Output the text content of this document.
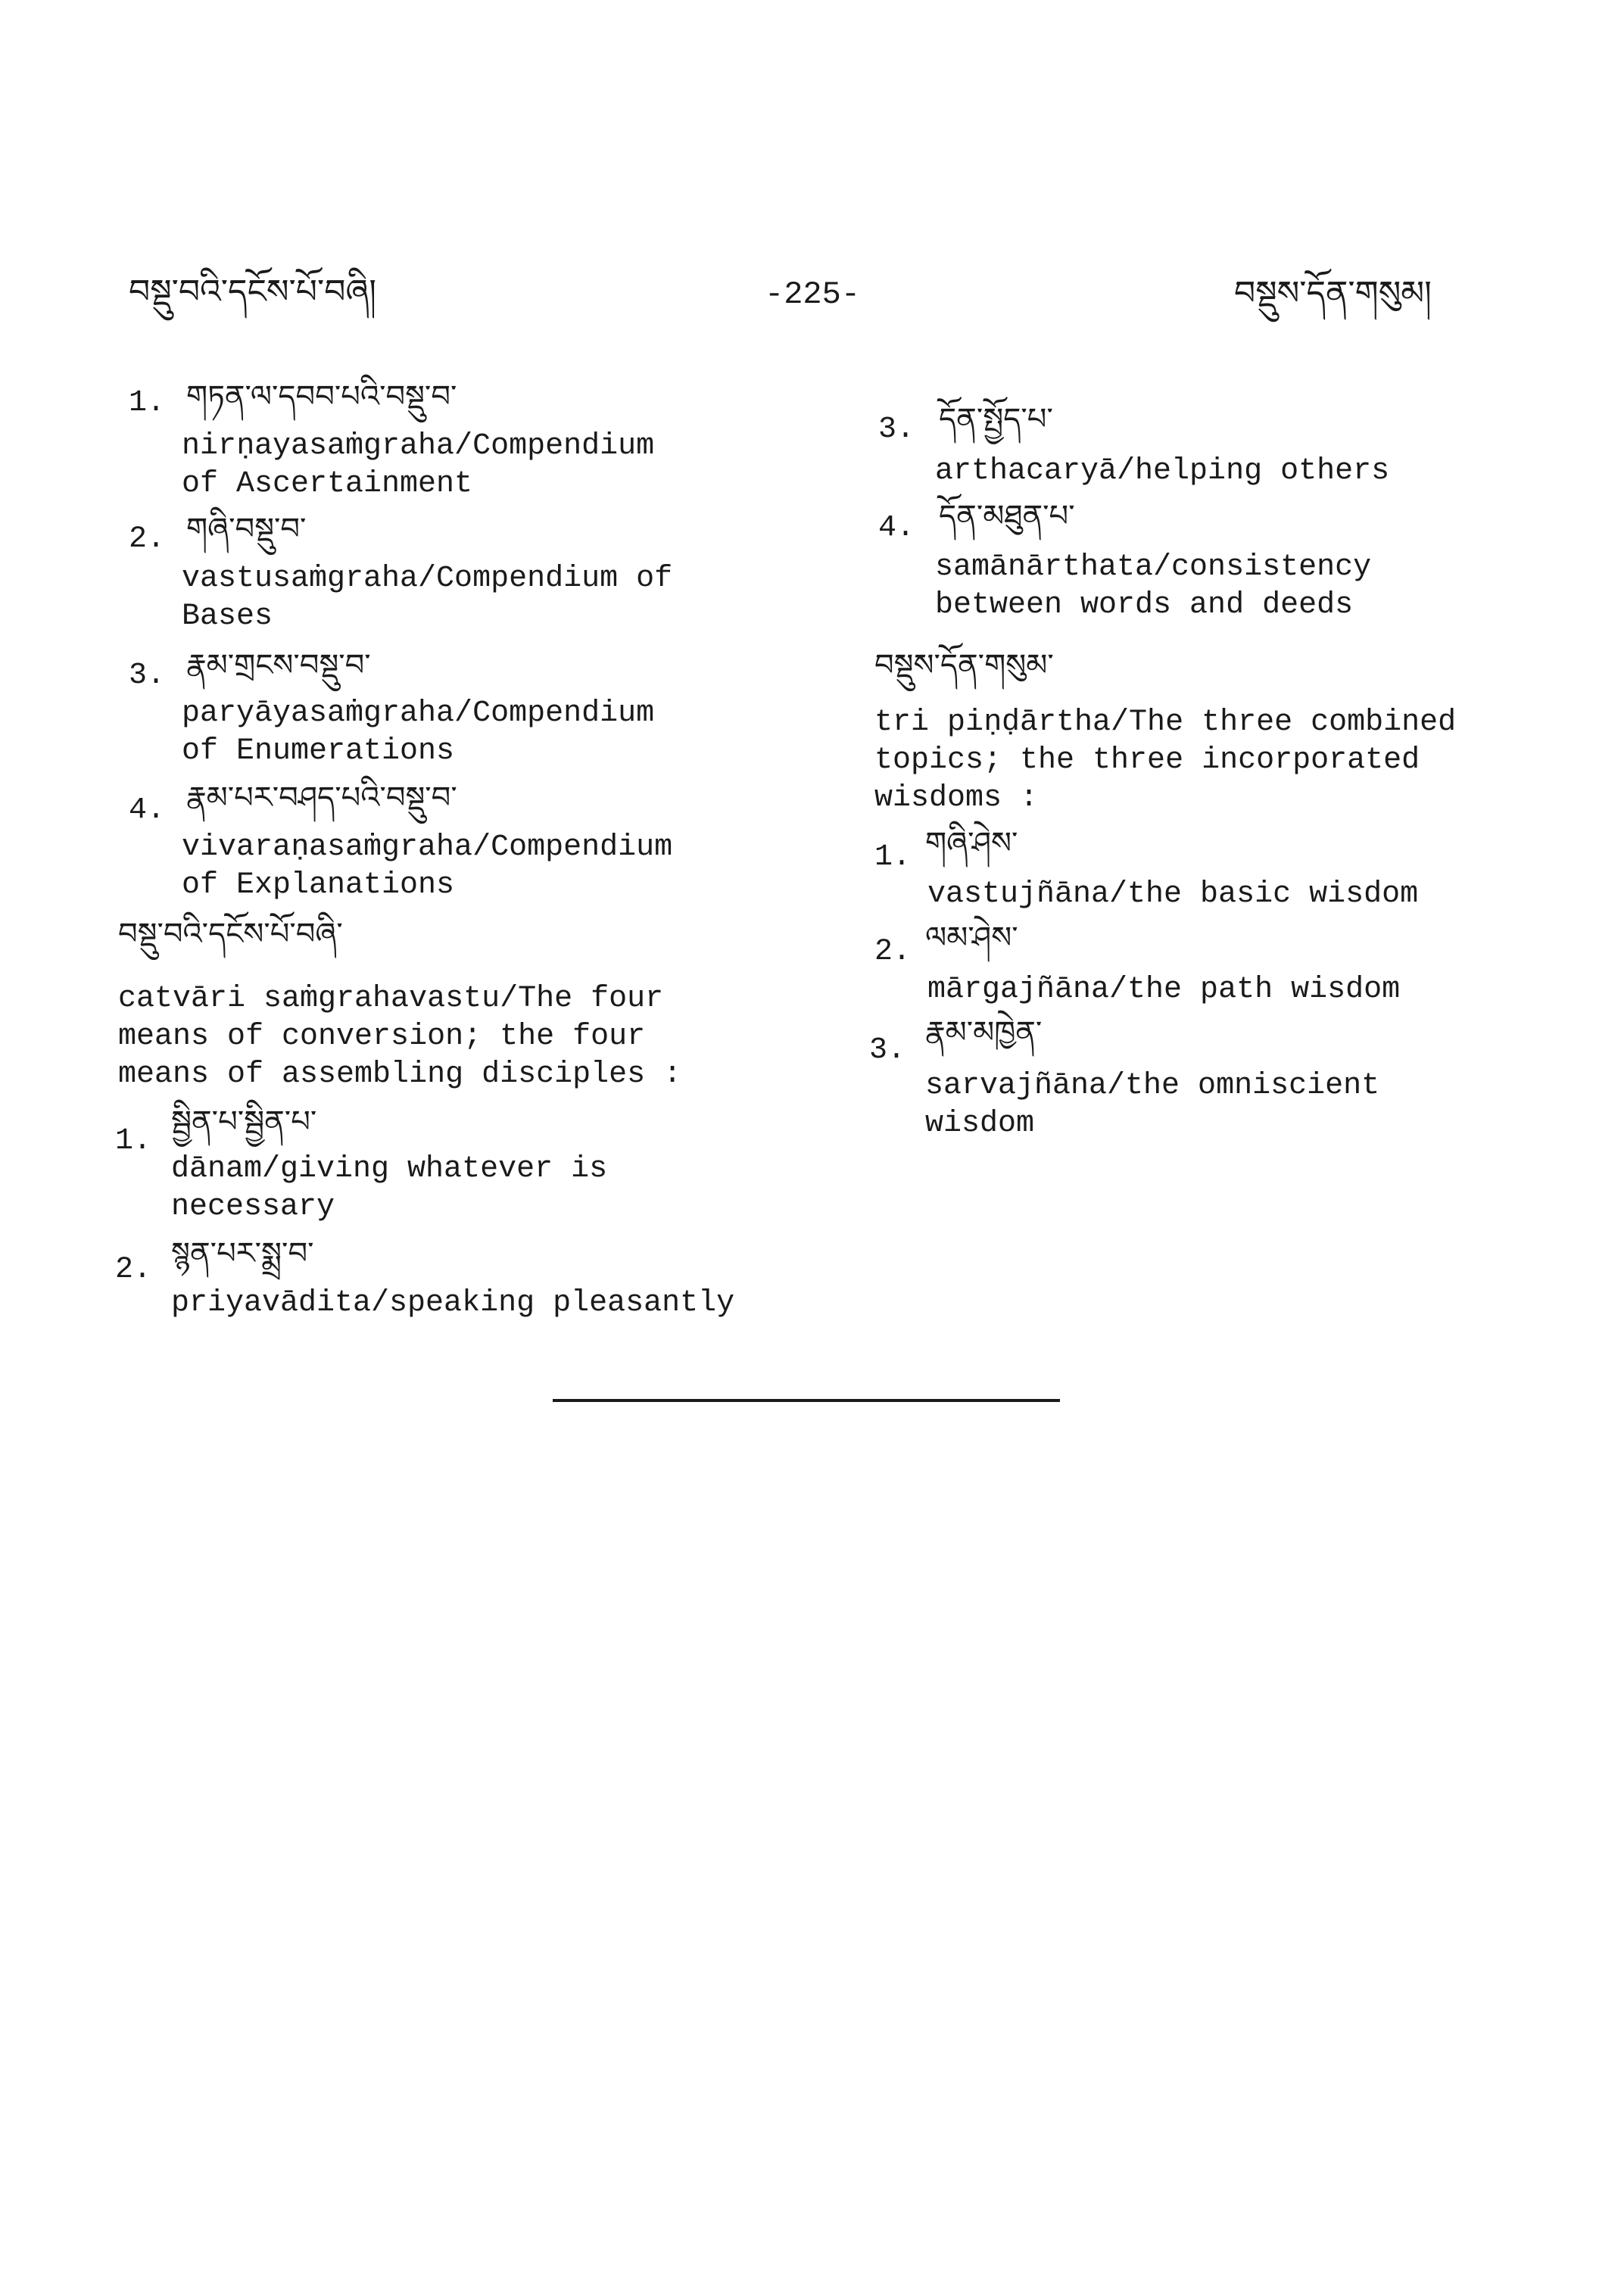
བསྡུ་བའི་དངོས་པོ་བཞི།	-225-	བསྡུས་དོན་གསུམ།
1. གཏན་ལ་དབབ་པའི་བསྡུ་བ་
nirṇayasaṁgraha/Compendium
of Ascertainment
2. གཞི་བསྡུ་བ་
vastusaṁgraha/Compendium of
Bases
3. རྣམ་གྲངས་བསྡུ་བ་
paryāyasaṁgraha/Compendium
of Enumerations
4. རྣམ་པར་བཤད་པའི་བསྡུ་བ་
vivaraṇasaṁgraha/Compendium
of Explanations
བསྡུ་བའི་དངོས་པོ་བཞི་
catvāri saṁgrahavastu/The four
means of conversion; the four
means of assembling disciples :
1.
སྦྱིན་པ་སྦྱིན་པ་
dānam/giving whatever is
necessary
2. སྙན་པར་སྨྲ་བ་
priyavādita/speaking pleasantly
3. དོན་སྤྱོད་པ་
arthacaryā/helping others
4. དོན་མཐུན་པ་
samānārthata/consistency
between words and deeds
བསྡུས་དོན་གསུམ་
tri piṇḍārtha/The three combined
topics; the three incorporated
wisdoms :
1. གཞི་ཤེས་
vastujñāna/the basic wisdom
2. ལམ་ཤེས་
mārgajñāna/the path wisdom
3.
རྣམ་མཁྱེན་
sarvajñāna/the omniscient
wisdom
